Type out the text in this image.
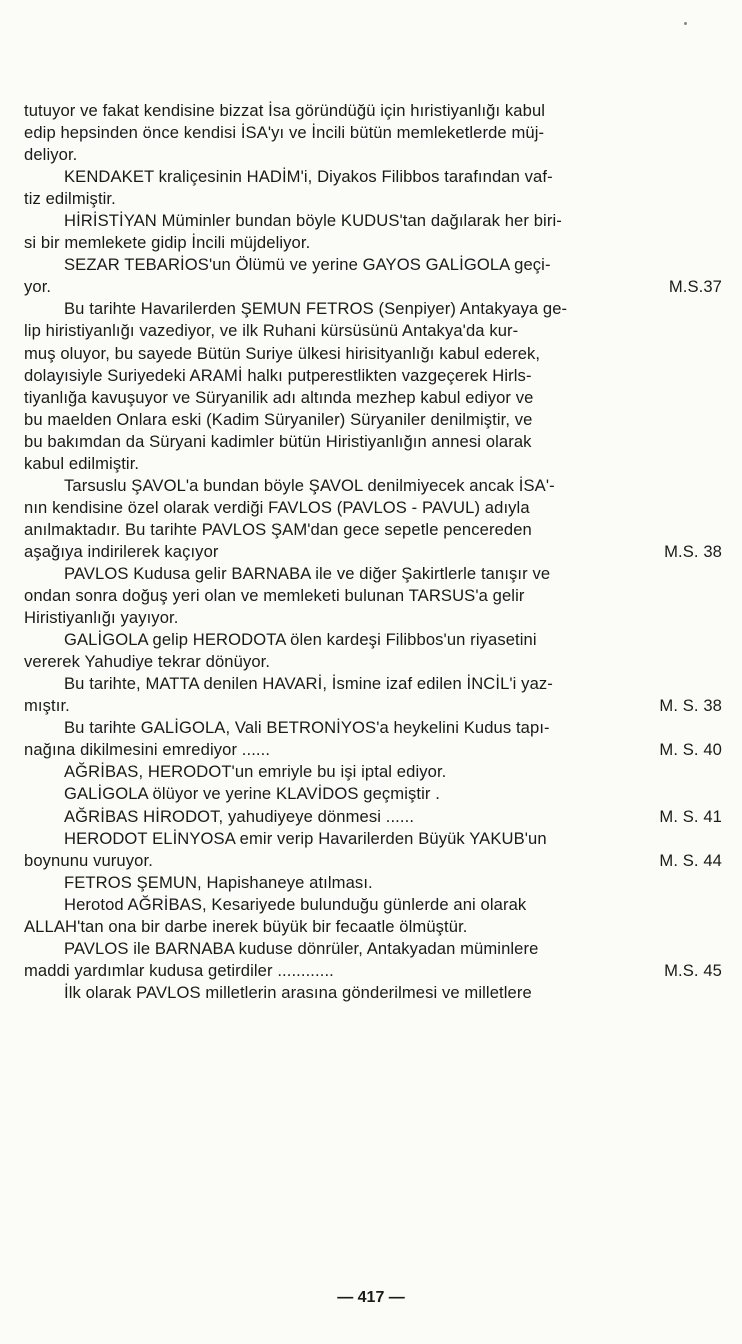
tutuyor ve fakat kendisine bizzat İsa göründüğü için hıristiyanlığı kabul
edip hepsinden önce kendisi İSA'yı ve İncili bütün memleketlerde müj-
deliyor.
KENDAKET kraliçesinin HADİM'i, Diyakos Filibbos tarafından vaf-
tiz edilmiştir.
HİRİSTİYAN Müminler bundan böyle KUDUS'tan dağılarak her biri-
si bir memlekete gidip İncili müjdeliyor.
SEZAR TEBARİOS'un Ölümü ve yerine GAYOS GALİGOLA geçi-
yor.	M.S.37
Bu tarihte Havarilerden ŞEMUN FETROS (Senpiyer) Antakyaya ge-
lip hiristiyanlığı vazediyor, ve ilk Ruhani kürsüsünü Antakya'da kur-
muş oluyor, bu sayede Bütün Suriye ülkesi hirisityanlığı kabul ederek,
dolayısiyle Suriyedeki ARAMİ halkı putperestlikten vazgeçerek Hirls-
tiyanlığa kavuşuyor ve Süryanilik adı altında mezhep kabul ediyor ve
bu maelden Onlara eski (Kadim Süryaniler) Süryaniler denilmiştir, ve
bu bakımdan da Süryani kadimler bütün Hiristiyanlığın annesi olarak
kabul edilmiştir.
Tarsuslu ŞAVOL'a bundan böyle ŞAVOL denilmiyecek ancak İSA'-
nın kendisine özel olarak verdiği FAVLOS (PAVLOS - PAVUL) adıyla
anılmaktadır. Bu tarihte PAVLOS ŞAM'dan gece sepetle pencereden
aşağıya indirilerek kaçıyor	M.S. 38
PAVLOS Kudusa gelir BARNABA ile ve diğer Şakirtlerle tanışır ve
ondan sonra doğuş yeri olan ve memleketi bulunan TARSUS'a gelir
Hiristiyanlığı yayıyor.
GALİGOLA gelip HERODOTA ölen kardeşi Filibbos'un riyasetini
vererek Yahudiye tekrar dönüyor.
Bu tarihte, MATTA denilen HAVARİ, İsmine izaf edilen İNCİL'i yaz-
mıştır.	M. S. 38
Bu tarihte GALİGOLA, Vali BETRONİYOS'a heykelini Kudus tapı-
nağına dikilmesini emrediyor ......	M. S. 40
AĞRİBAS, HERODOT'un emriyle bu işi iptal ediyor.
GALİGOLA ölüyor ve yerine KLAVİDOS geçmiştir .
AĞRİBAS HİRODOT, yahudiyeye dönmesi ......	M. S. 41
HERODOT ELİNYOSA emir verip Havarilerden Büyük YAKUB'un
boynunu vuruyor.	M. S. 44
FETROS ŞEMUN, Hapishaneye atılması.
Herotod AĞRİBAS, Kesariyede bulunduğu günlerde ani olarak
ALLAH'tan ona bir darbe inerek büyük bir fecaatle ölmüştür.
PAVLOS ile BARNABA kuduse dönrüler, Antakyadan müminlere
maddi yardımlar kudusa getirdiler ............	M.S. 45
İlk olarak PAVLOS milletlerin arasına gönderilmesi ve milletlere
— 417 —
